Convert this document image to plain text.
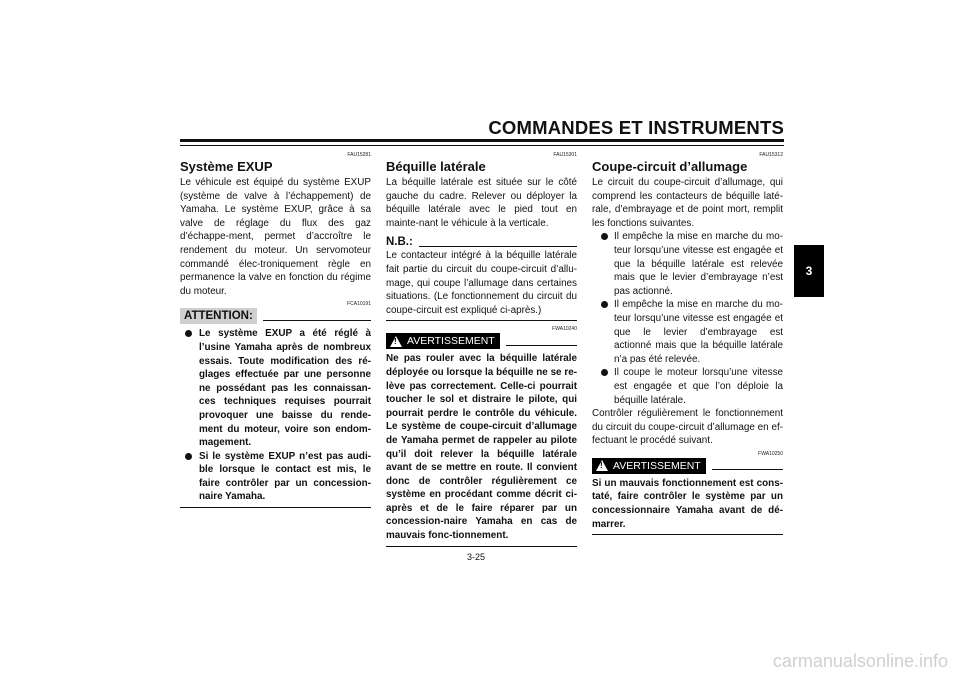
COMMANDES ET INSTRUMENTS
3
FAU15281
Système EXUP

Le véhicule est équipé du système EXUP (système de valve à l’échappement) de Yamaha. Le système EXUP, grâce à sa valve de réglage du flux des gaz d’échappe-ment, permet d’accroître le rendement du moteur. Un servomoteur commandé élec-troniquement règle en permanence la valve en fonction du régime du moteur.

FCA10191
ATTENTION:
Le système EXUP a été réglé à l’usine Yamaha après de nombreux essais. Toute modification des ré-glages effectuée par une personne ne possédant pas les connaissan-ces techniques requises pourrait provoquer une baisse du rende-ment du moteur, voire son endom-magement.
Si le système EXUP n’est pas audi-ble lorsque le contact est mis, le faire contrôler par un concession-naire Yamaha.
FAU15301
Béquille latérale

La béquille latérale est située sur le côté gauche du cadre. Relever ou déployer la béquille latérale avec le pied tout en mainte-nant le véhicule à la verticale.

N.B.:

Le contacteur intégré à la béquille latérale fait partie du circuit du coupe-circuit d’allu-mage, qui coupe l’allumage dans certaines situations. (Le fonctionnement du circuit du coupe-circuit est expliqué ci-après.)

FWA10240
!
AVERTISSEMENT

Ne pas rouler avec la béquille latérale déployée ou lorsque la béquille ne se re-lève pas correctement. Celle-ci pourrait toucher le sol et distraire le pilote, qui pourrait perdre le contrôle du véhicule. Le système de coupe-circuit d’allumage de Yamaha permet de rappeler au pilote qu’il doit relever la béquille latérale avant de se mettre en route. Il convient donc de contrôler régulièrement ce système en procédant comme décrit ci-après et de le faire réparer par un concession-naire Yamaha en cas de mauvais fonc-tionnement.

FAU15312
Coupe-circuit d’allumage

Le circuit du coupe-circuit d’allumage, qui comprend les contacteurs de béquille laté-rale, d’embrayage et de point mort, remplit les fonctions suivantes.

Il empêche la mise en marche du mo-teur lorsqu’une vitesse est engagée et que la béquille latérale est relevée mais que le levier d’embrayage n’est pas actionné.
Il empêche la mise en marche du mo-teur lorsqu’une vitesse est engagée et que le levier d’embrayage est actionné mais que la béquille latérale n’a pas été relevée.
Il coupe le moteur lorsqu’une vitesse est engagée et que l’on déploie la béquille latérale.

Contrôler régulièrement le fonctionnement du circuit du coupe-circuit d’allumage en ef-fectuant le procédé suivant.

FWA10250
!
AVERTISSEMENT

Si un mauvais fonctionnement est cons-taté, faire contrôler le système par un concessionnaire Yamaha avant de dé-marrer.

3-25
carmanualsonline.info
